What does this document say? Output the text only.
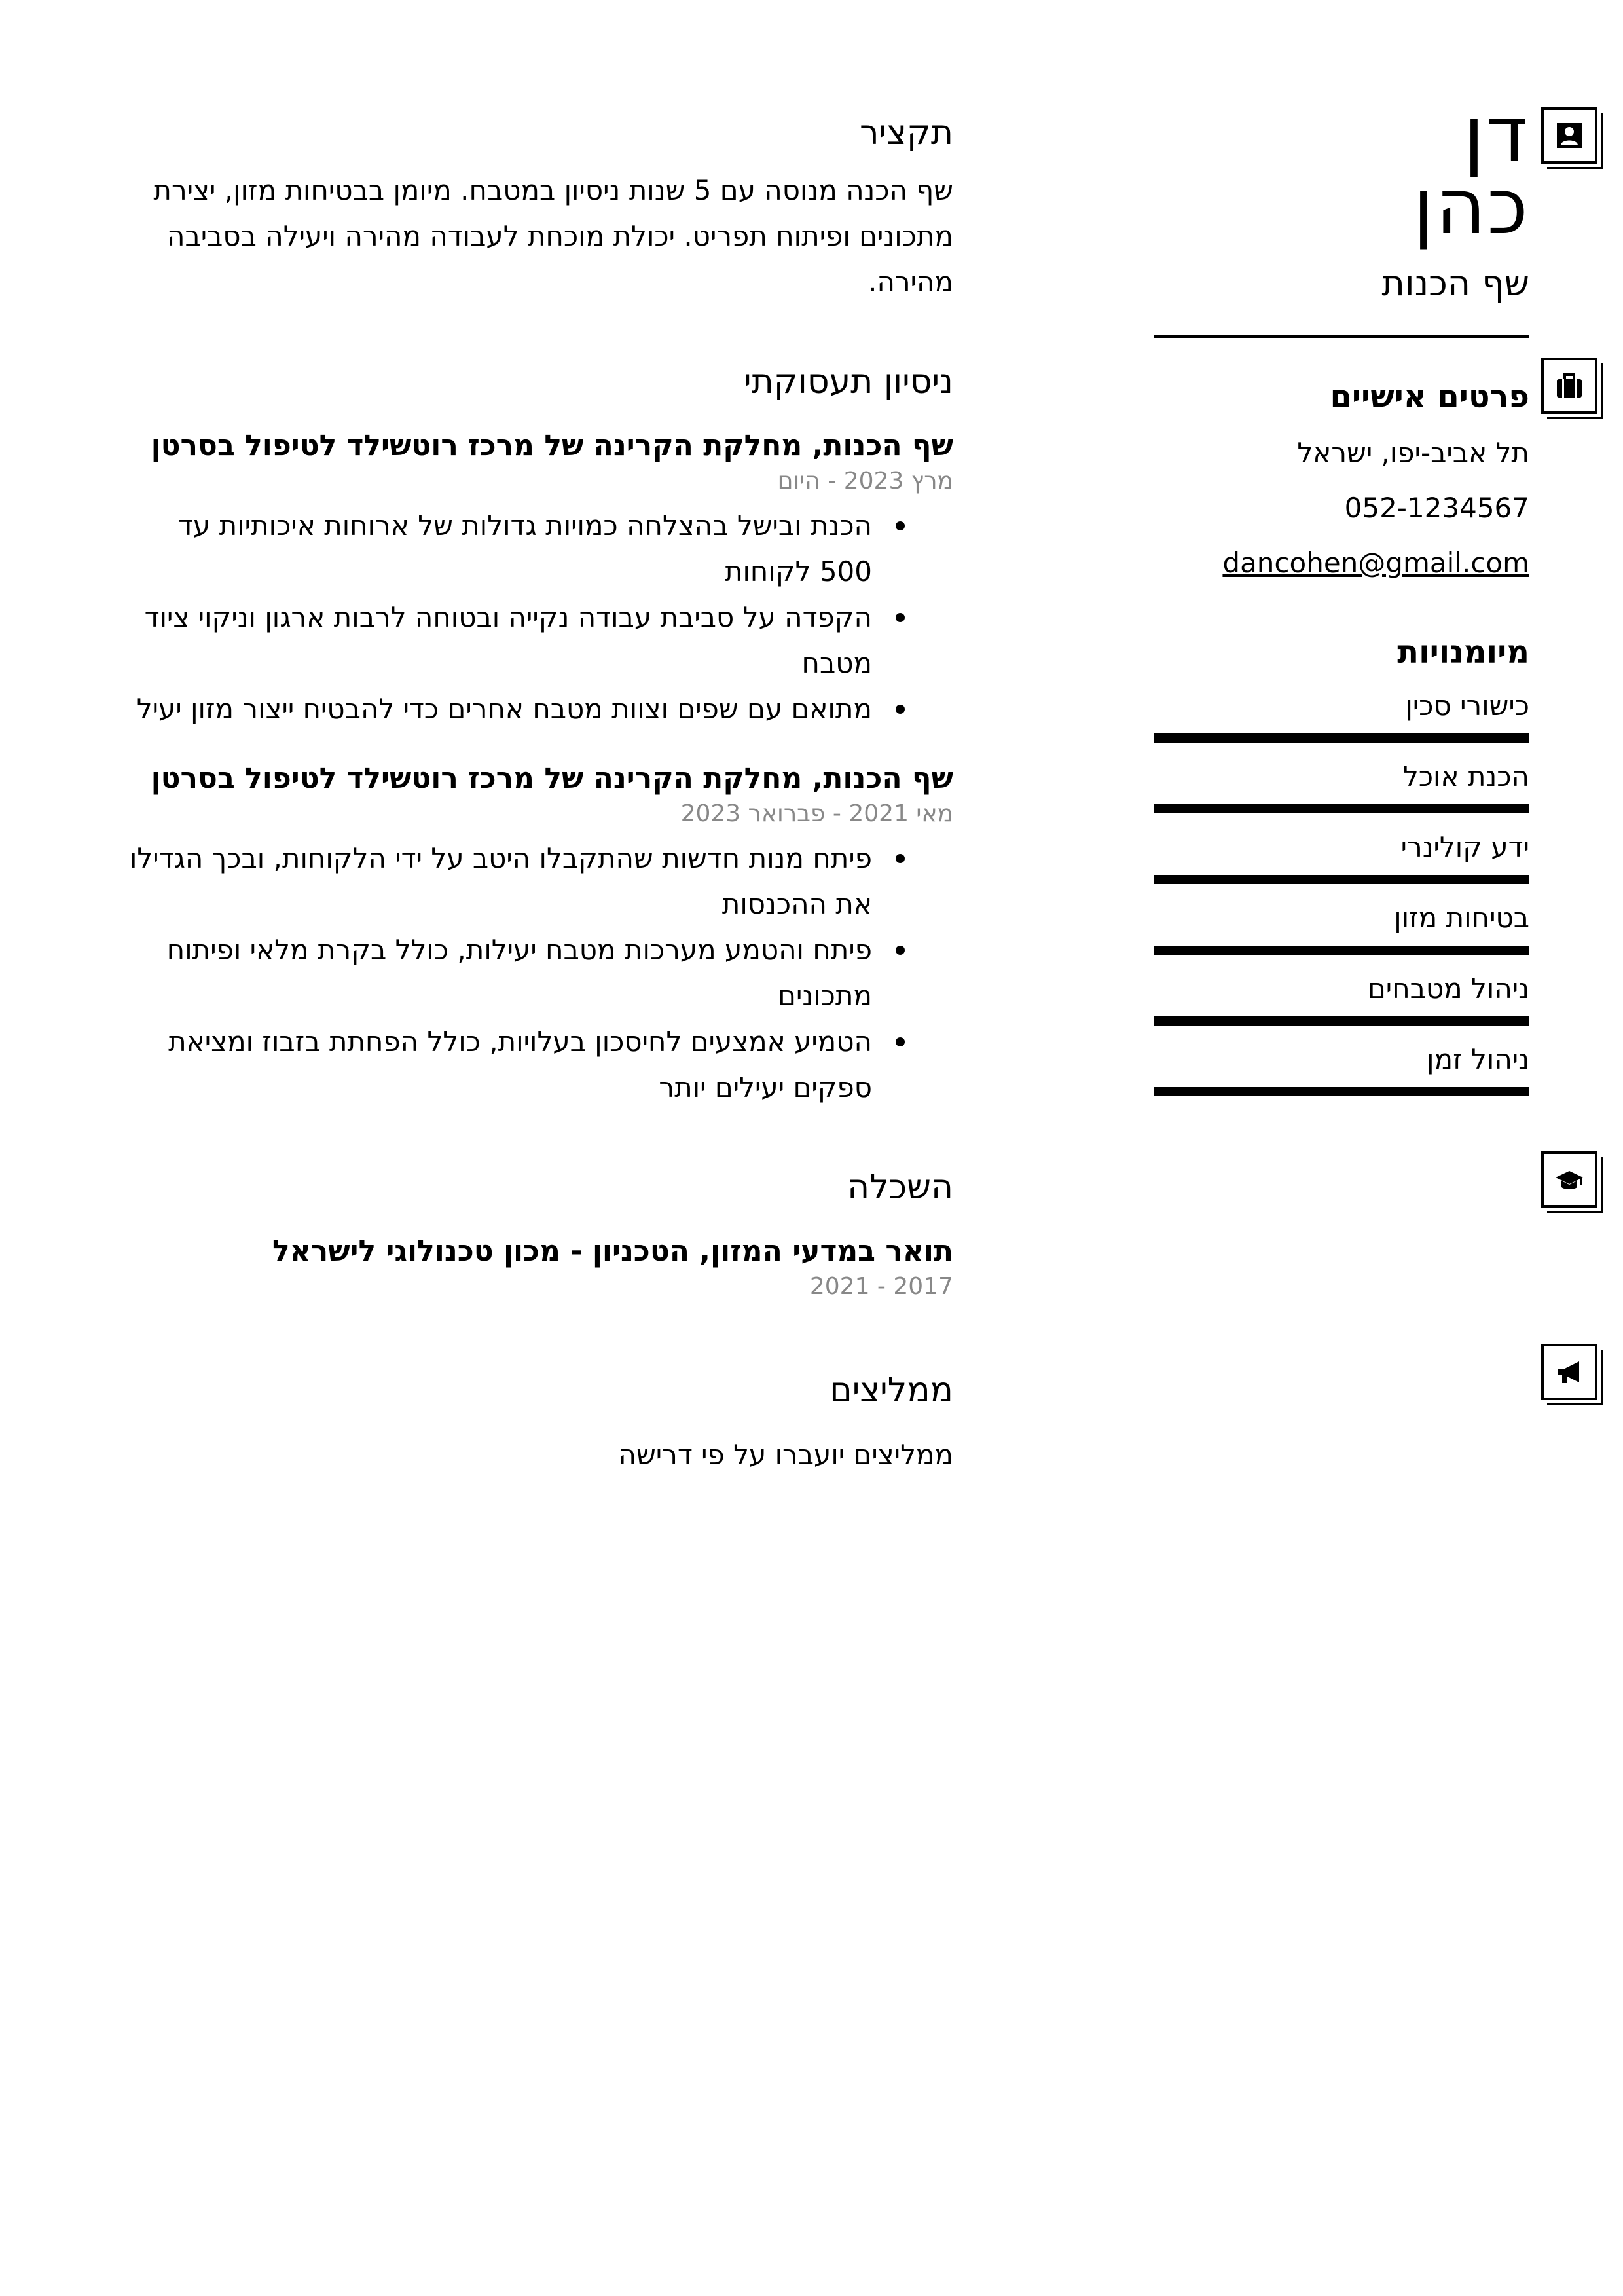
דן
כהן
שף הכנות
פרטים אישיים
תל אביב-יפו, ישראל
052-1234567
dancohen@gmail.com
מיומנויות
כישורי סכין
הכנת אוכל
ידע קולינרי
בטיחות מזון
ניהול מטבחים
ניהול זמן
תקציר
שף הכנה מנוסה עם 5 שנות ניסיון במטבח. מיומן בבטיחות מזון, יצירת מתכונים ופיתוח תפריט. יכולת מוכחת לעבודה מהירה ויעילה בסביבה מהירה.
ניסיון תעסוקתי
שף הכנות, מחלקת הקרינה של מרכז רוטשילד לטיפול בסרטן
מרץ 2023 - היום
הכנת ובישל בהצלחה כמויות גדולות של ארוחות איכותיות עד 500 לקוחות
הקפדה על סביבת עבודה נקייה ובטוחה לרבות ארגון וניקוי ציוד מטבח
מתואם עם שפים וצוות מטבח אחרים כדי להבטיח ייצור מזון יעיל
שף הכנות, מחלקת הקרינה של מרכז רוטשילד לטיפול בסרטן
מאי 2021 - פברואר 2023
פיתח מנות חדשות שהתקבלו היטב על ידי הלקוחות, ובכך הגדילו את ההכנסות
פיתח והטמע מערכות מטבח יעילות, כולל בקרת מלאי ופיתוח מתכונים
הטמיע אמצעים לחיסכון בעלויות, כולל הפחתת בזבוז ומציאת ספקים יעילים יותר
השכלה
תואר במדעי המזון, הטכניון - מכון טכנולוגי לישראל
2017 - 2021
ממליצים
ממליצים יועברו על פי דרישה
